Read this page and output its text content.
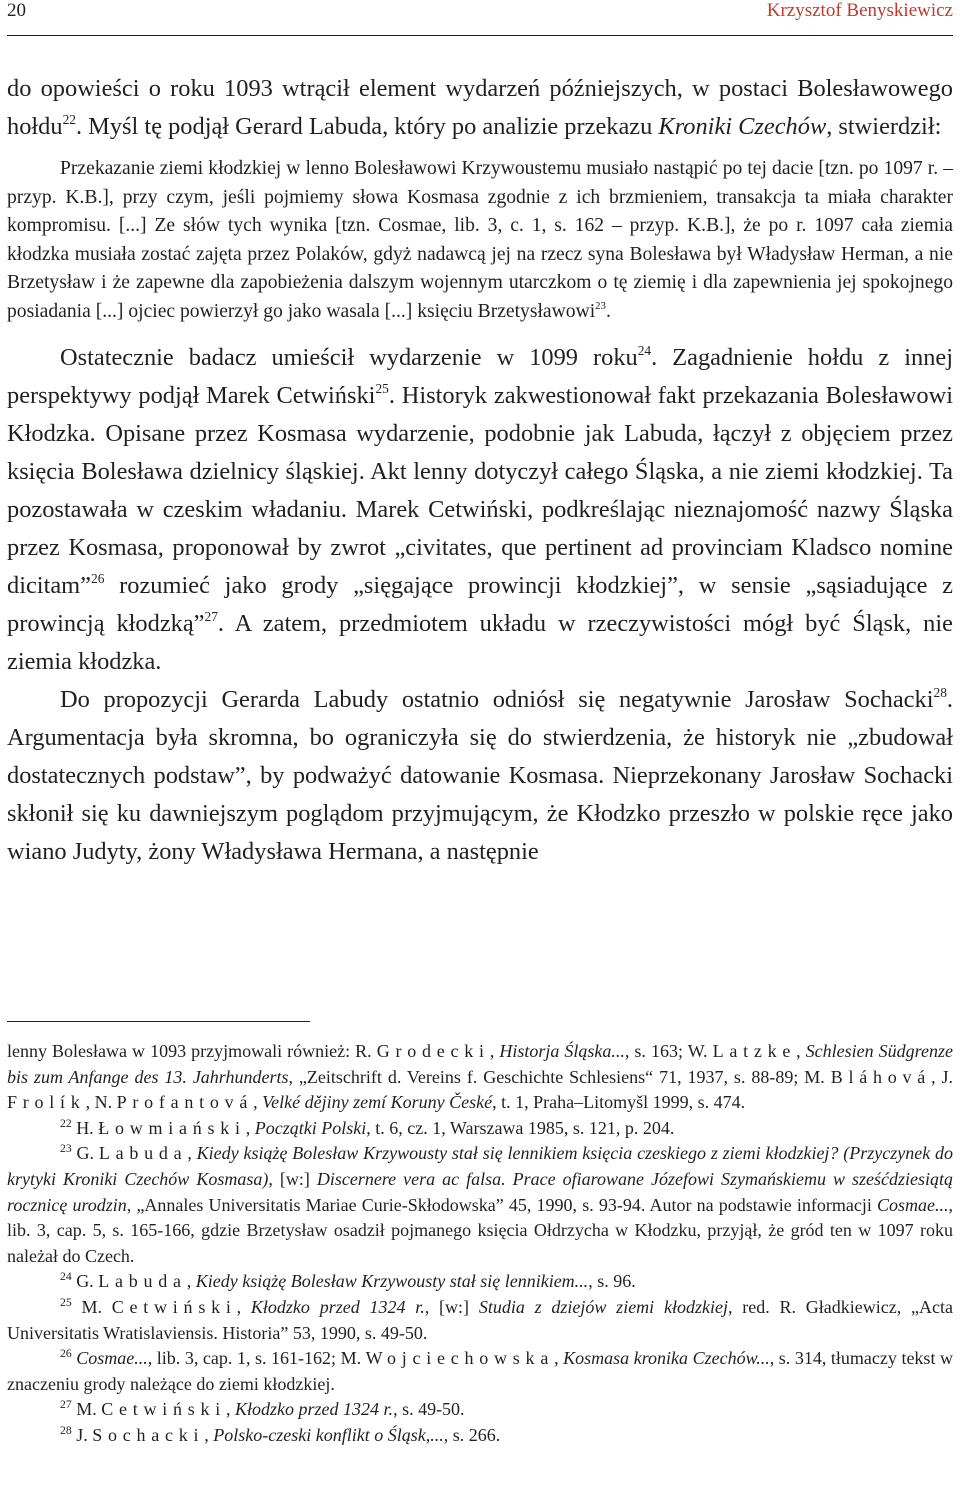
20	Krzysztof Benyskiewicz

do opowieści o roku 1093 wtrącił element wydarzeń późniejszych, w postaci Bolesławowego hołdu$^{22}$. Myśl tę podjął Gerard Labuda, który po analizie przekazu Kroniki Czechów, stwierdził:

Przekazanie ziemi kłodzkiej w lenno Bolesławowi Krzywoustemu musiało nastąpić po tej dacie [tzn. po 1097 r. – przyp. K.B.], przy czym, jeśli pojmiemy słowa Kosmasa zgodnie z ich brzmieniem, transakcja ta miała charakter kompromisu. [...] Ze słów tych wynika [tzn. Cosmae, lib. 3, c. 1, s. 162 – przyp. K.B.], że po r. 1097 cała ziemia kłodzka musiała zostać zajęta przez Polaków, gdyż nadawcą jej na rzecz syna Bolesława był Władysław Herman, a nie Brzetysław i że zapewne dla zapobieżenia dalszym wojennym utarczkom o tę ziemię i dla zapewnienia jej spokojnego posiadania [...] ojciec powierzył go jako wasala [...] księciu Brzetysławowi$^{23}$.

Ostatecznie badacz umieścił wydarzenie w 1099 roku$^{24}$. Zagadnienie hołdu z innej perspektywy podjął Marek Cetwiński$^{25}$. Historyk zakwestionował fakt przekazania Bolesławowi Kłodzka. Opisane przez Kosmasa wydarzenie, podobnie jak Labuda, łączył z objęciem przez księcia Bolesława dzielnicy śląskiej. Akt lenny dotyczył całego Śląska, a nie ziemi kłodzkiej. Ta pozostawała w czeskim władaniu. Marek Cetwiński, podkreślając nieznajomość nazwy Śląska przez Kosmasa, proponował by zwrot „civitates, que pertinent ad provinciam Kladsco nomine dicitam”$^{26}$ rozumieć jako grody „sięgające prowincji kłodzkiej”, w sensie „sąsiadujące z prowincją kłodzką”$^{27}$. A zatem, przedmiotem układu w rzeczywistości mógł być Śląsk, nie ziemia kłodzka.

Do propozycji Gerarda Labudy ostatnio odniósł się negatywnie Jarosław Sochacki$^{28}$. Argumentacja była skromna, bo ograniczyła się do stwierdzenia, że historyk nie „zbudował dostatecznych podstaw”, by podważyć datowanie Kosmasa. Nieprzekonany Jarosław Sochacki skłonił się ku dawniejszym poglądom przyjmującym, że Kłodzko przeszło w polskie ręce jako wiano Judyty, żony Władysława Hermana, a następnie

lenny Bolesława w 1093 przyjmowali również: R. Grodecki, Historja Śląska..., s. 163; W. Latzke, Schlesien Südgrenze bis zum Anfange des 13. Jahrhunderts, „Zeitschrift d. Vereins f. Geschichte Schlesiens“ 71, 1937, s. 88-89; M. Bláhová, J. Frolík, N. Profantová, Velké dějiny zemí Koruny České, t. 1, Praha–Litomyšl 1999, s. 474.

$^{22}$ H. Łowmiański, Początki Polski, t. 6, cz. 1, Warszawa 1985, s. 121, p. 204.

$^{23}$ G. Labuda, Kiedy książę Bolesław Krzywousty stał się lennikiem księcia czeskiego z ziemi kłodzkiej? (Przyczynek do krytyki Kroniki Czechów Kosmasa), [w:] Discernere vera ac falsa. Prace ofiarowane Józefowi Szymańskiemu w sześćdziesiątą rocznicę urodzin, „Annales Universitatis Mariae Curie-Skłodowska” 45, 1990, s. 93-94. Autor na podstawie informacji Cosmae..., lib. 3, cap. 5, s. 165-166, gdzie Brzetysław osadził pojmanego księcia Ołdrzycha w Kłodzku, przyjął, że gród ten w 1097 roku należał do Czech.

$^{24}$ G. Labuda, Kiedy książę Bolesław Krzywousty stał się lennikiem..., s. 96.

$^{25}$ M. Cetwiński, Kłodzko przed 1324 r., [w:] Studia z dziejów ziemi kłodzkiej, red. R. Gładkiewicz, „Acta Universitatis Wratislaviensis. Historia” 53, 1990, s. 49-50.

$^{26}$ Cosmae..., lib. 3, cap. 1, s. 161-162; M. Wojciechowska, Kosmasa kronika Czechów..., s. 314, tłumaczy tekst w znaczeniu grody należące do ziemi kłodzkiej.

$^{27}$ M. Cetwiński, Kłodzko przed 1324 r., s. 49-50.

$^{28}$ J. Sochacki, Polsko-czeski konflikt o Śląsk,..., s. 266.
